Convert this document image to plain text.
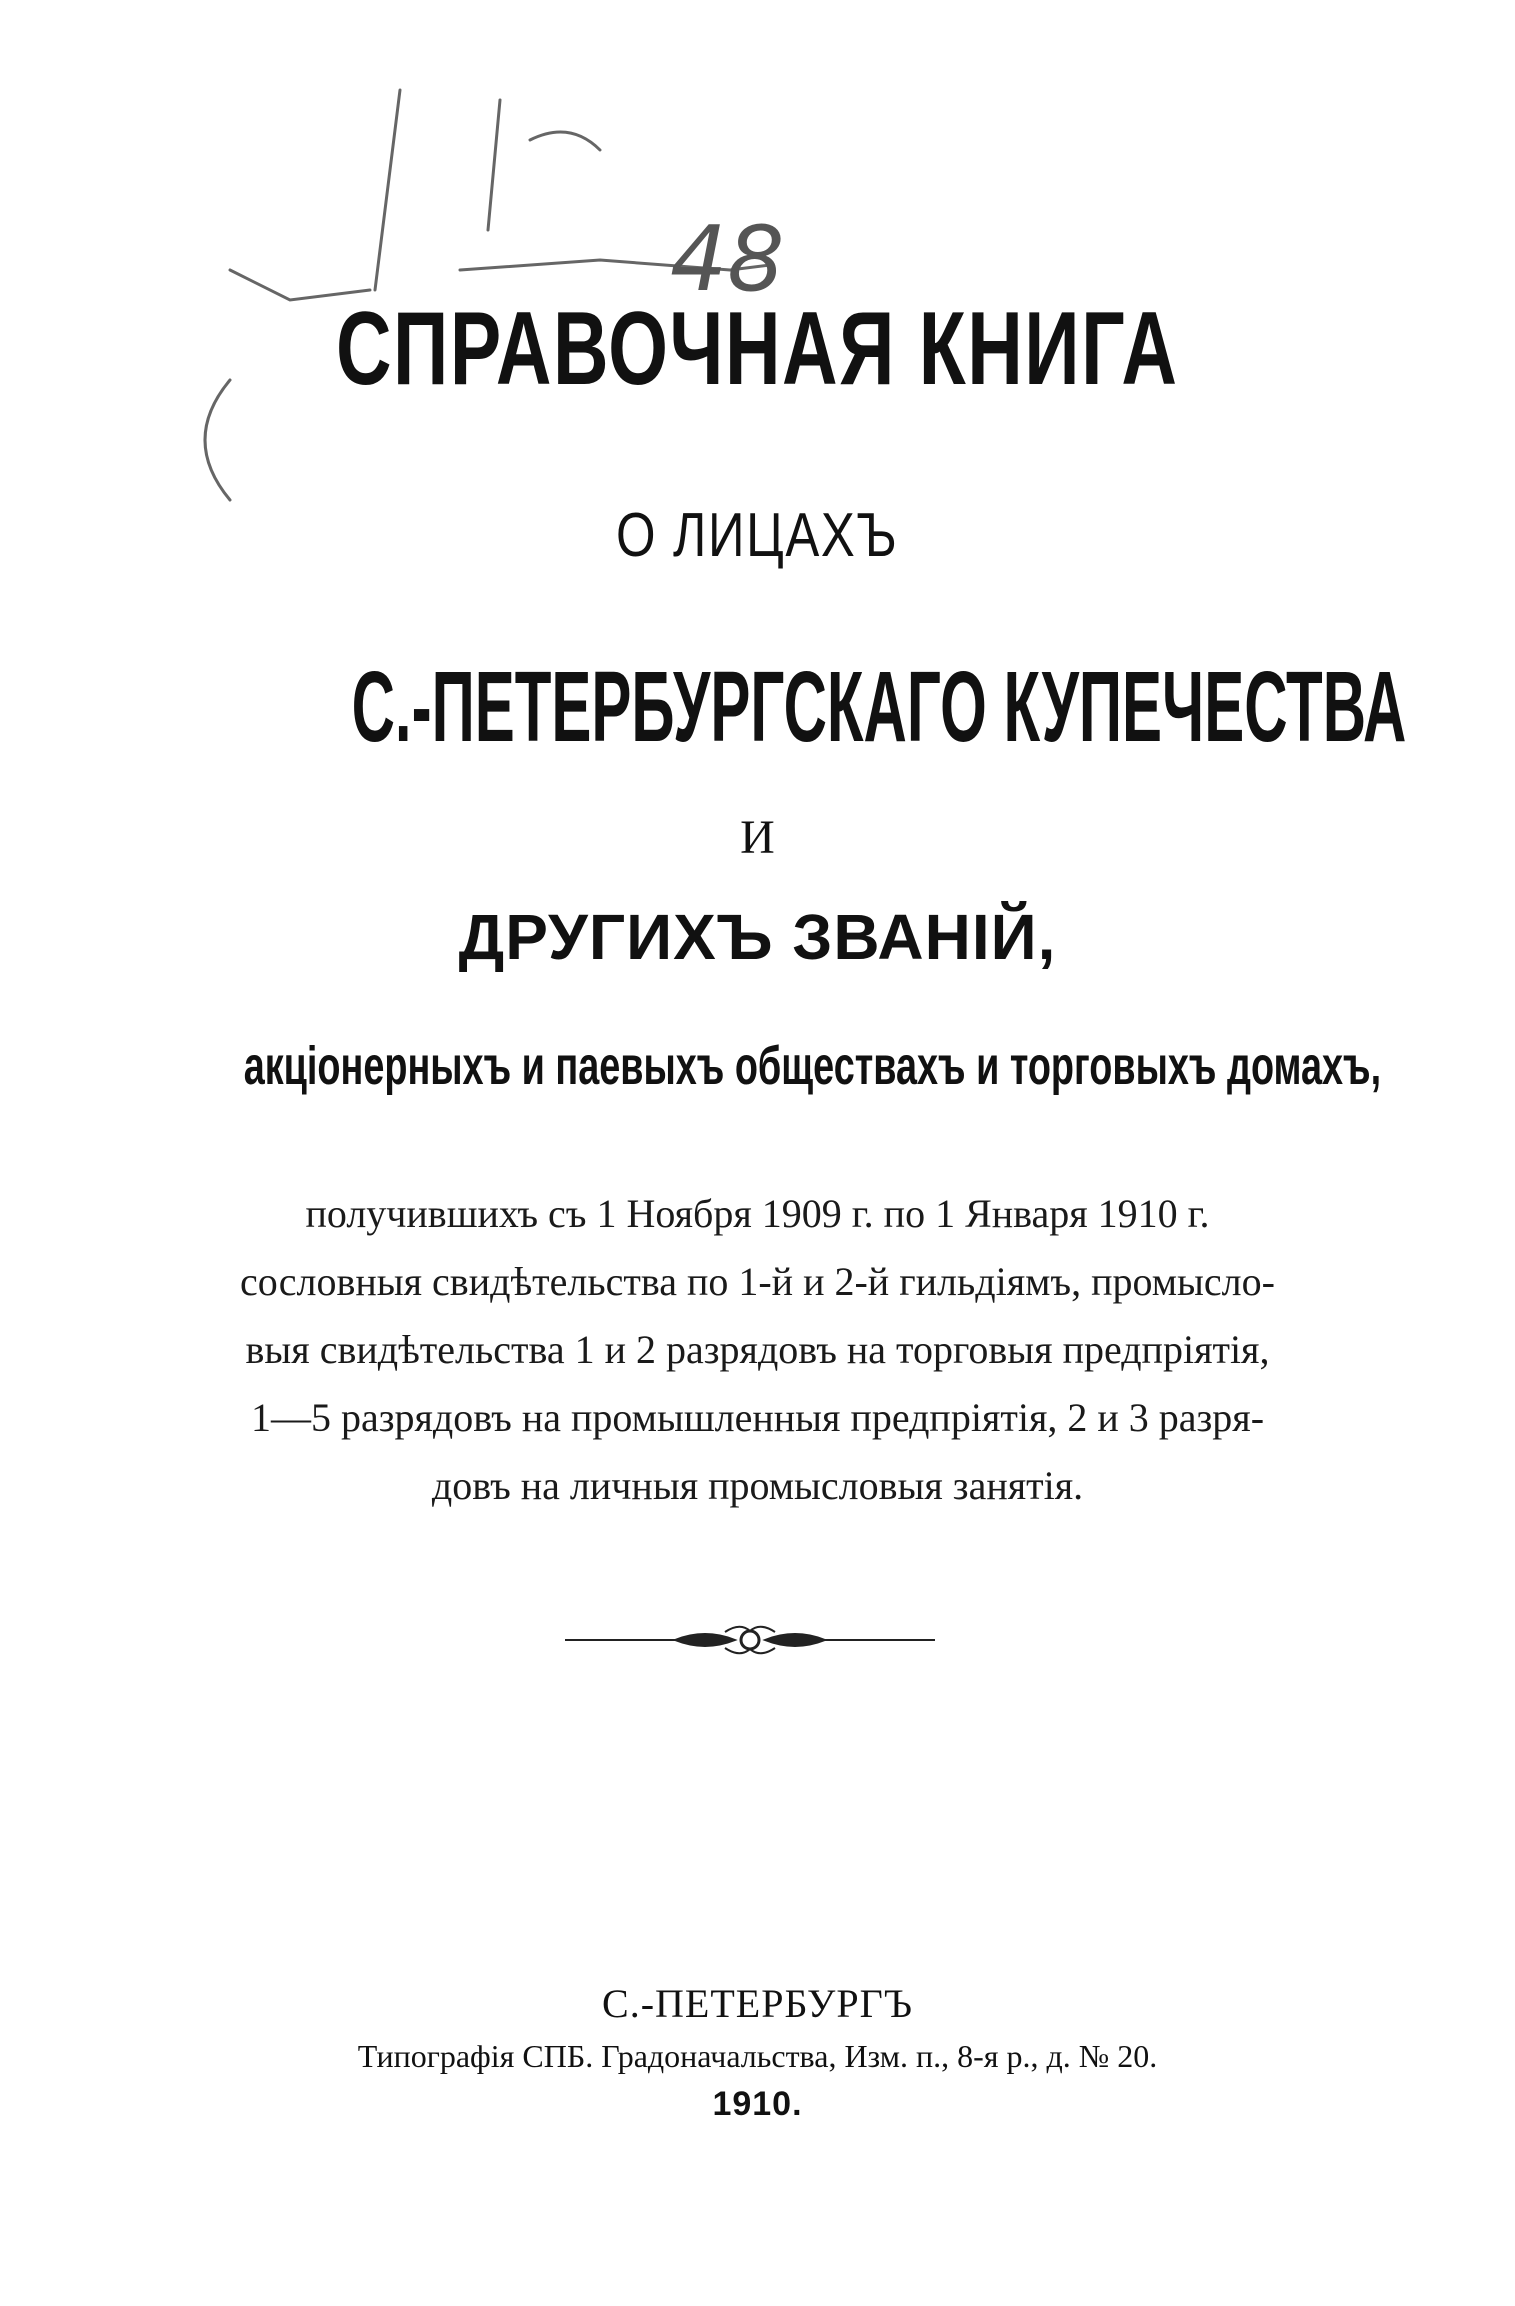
48
СПРАВОЧНАЯ КНИГА
О ЛИЦАХЪ
С.-ПЕТЕРБУРГСКАГО КУПЕЧЕСТВА
И
ДРУГИХЪ ЗВАНІЙ,
акціонерныхъ и паевыхъ обществахъ и торговыхъ домахъ,
получившихъ съ 1 Ноября 1909 г. по 1 Января 1910 г.
сословныя свидѣтельства по 1-й и 2-й гильдіямъ, промысло-
выя свидѣтельства 1 и 2 разрядовъ на торговыя предпріятія,
1—5 разрядовъ на промышленныя предпріятія, 2 и 3 разря-
довъ на личныя промысловыя занятія.
С.-ПЕТЕРБУРГЪ
Типографія СПБ. Градоначальства, Изм. п., 8-я р., д. № 20.
1910.
